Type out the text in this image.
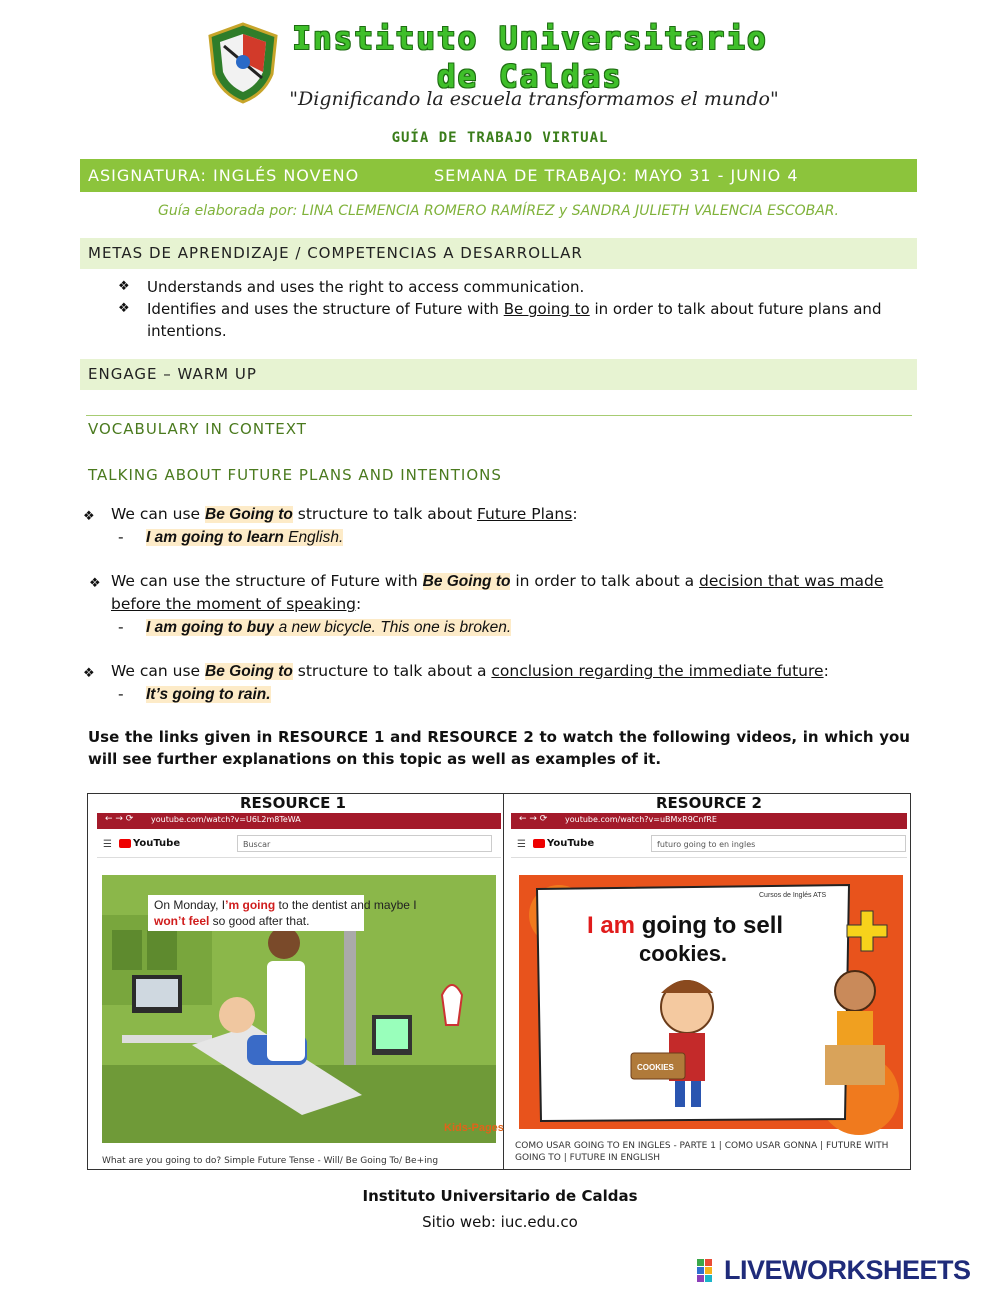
Instituto Universitario
de Caldas
"Dignificando la escuela transformamos el mundo"
GUÍA DE TRABAJO VIRTUAL
ASIGNATURA: INGLÉS NOVENO	SEMANA DE TRABAJO: MAYO 31 - JUNIO 4
Guía elaborada por: LINA CLEMENCIA ROMERO RAMÍREZ y SANDRA JULIETH VALENCIA ESCOBAR.
METAS DE APRENDIZAJE / COMPETENCIAS A DESARROLLAR
❖ Understands and uses the right to access communication.
❖ Identifies and uses the structure of Future with Be going to in order to talk about future plans and
intentions.
ENGAGE – WARM UP
VOCABULARY IN CONTEXT
TALKING ABOUT FUTURE PLANS AND INTENTIONS
❖ We can use Be Going to structure to talk about Future Plans:
- I am going to learn English.
❖ We can use the structure of Future with Be Going to in order to talk about a decision that was made
before the moment of speaking:
- I am going to buy a new bicycle. This one is broken.
❖ We can use Be Going to structure to talk about a conclusion regarding the immediate future:
- It’s going to rain.
Use the links given in RESOURCE 1 and RESOURCE 2 to watch the following videos, in which you will see further explanations on this topic as well as examples of it.
RESOURCE 1	RESOURCE 2
← → ⟳ youtube.com/watch?v=U6L2m8TeWA
☰	YouTube	Buscar
On Monday, I’m going to the dentist and maybe I
won’t feel so good after that.
Kids-Pages
What are you going to do? Simple Future Tense - Will/ Be Going To/ Be+ing
← → ⟳ youtube.com/watch?v=uBMxR9CnfRE
☰	YouTube	futuro going to en ingles
Cursos de Inglés ATS
I am going to sell
cookies.
COOKIES
COMO USAR GOING TO EN INGLES - PARTE 1 | COMO USAR GONNA | FUTURE WITH GOING TO | FUTURE IN ENGLISH
Instituto Universitario de Caldas
Sitio web: iuc.edu.co
LIVEWORKSHEETS
